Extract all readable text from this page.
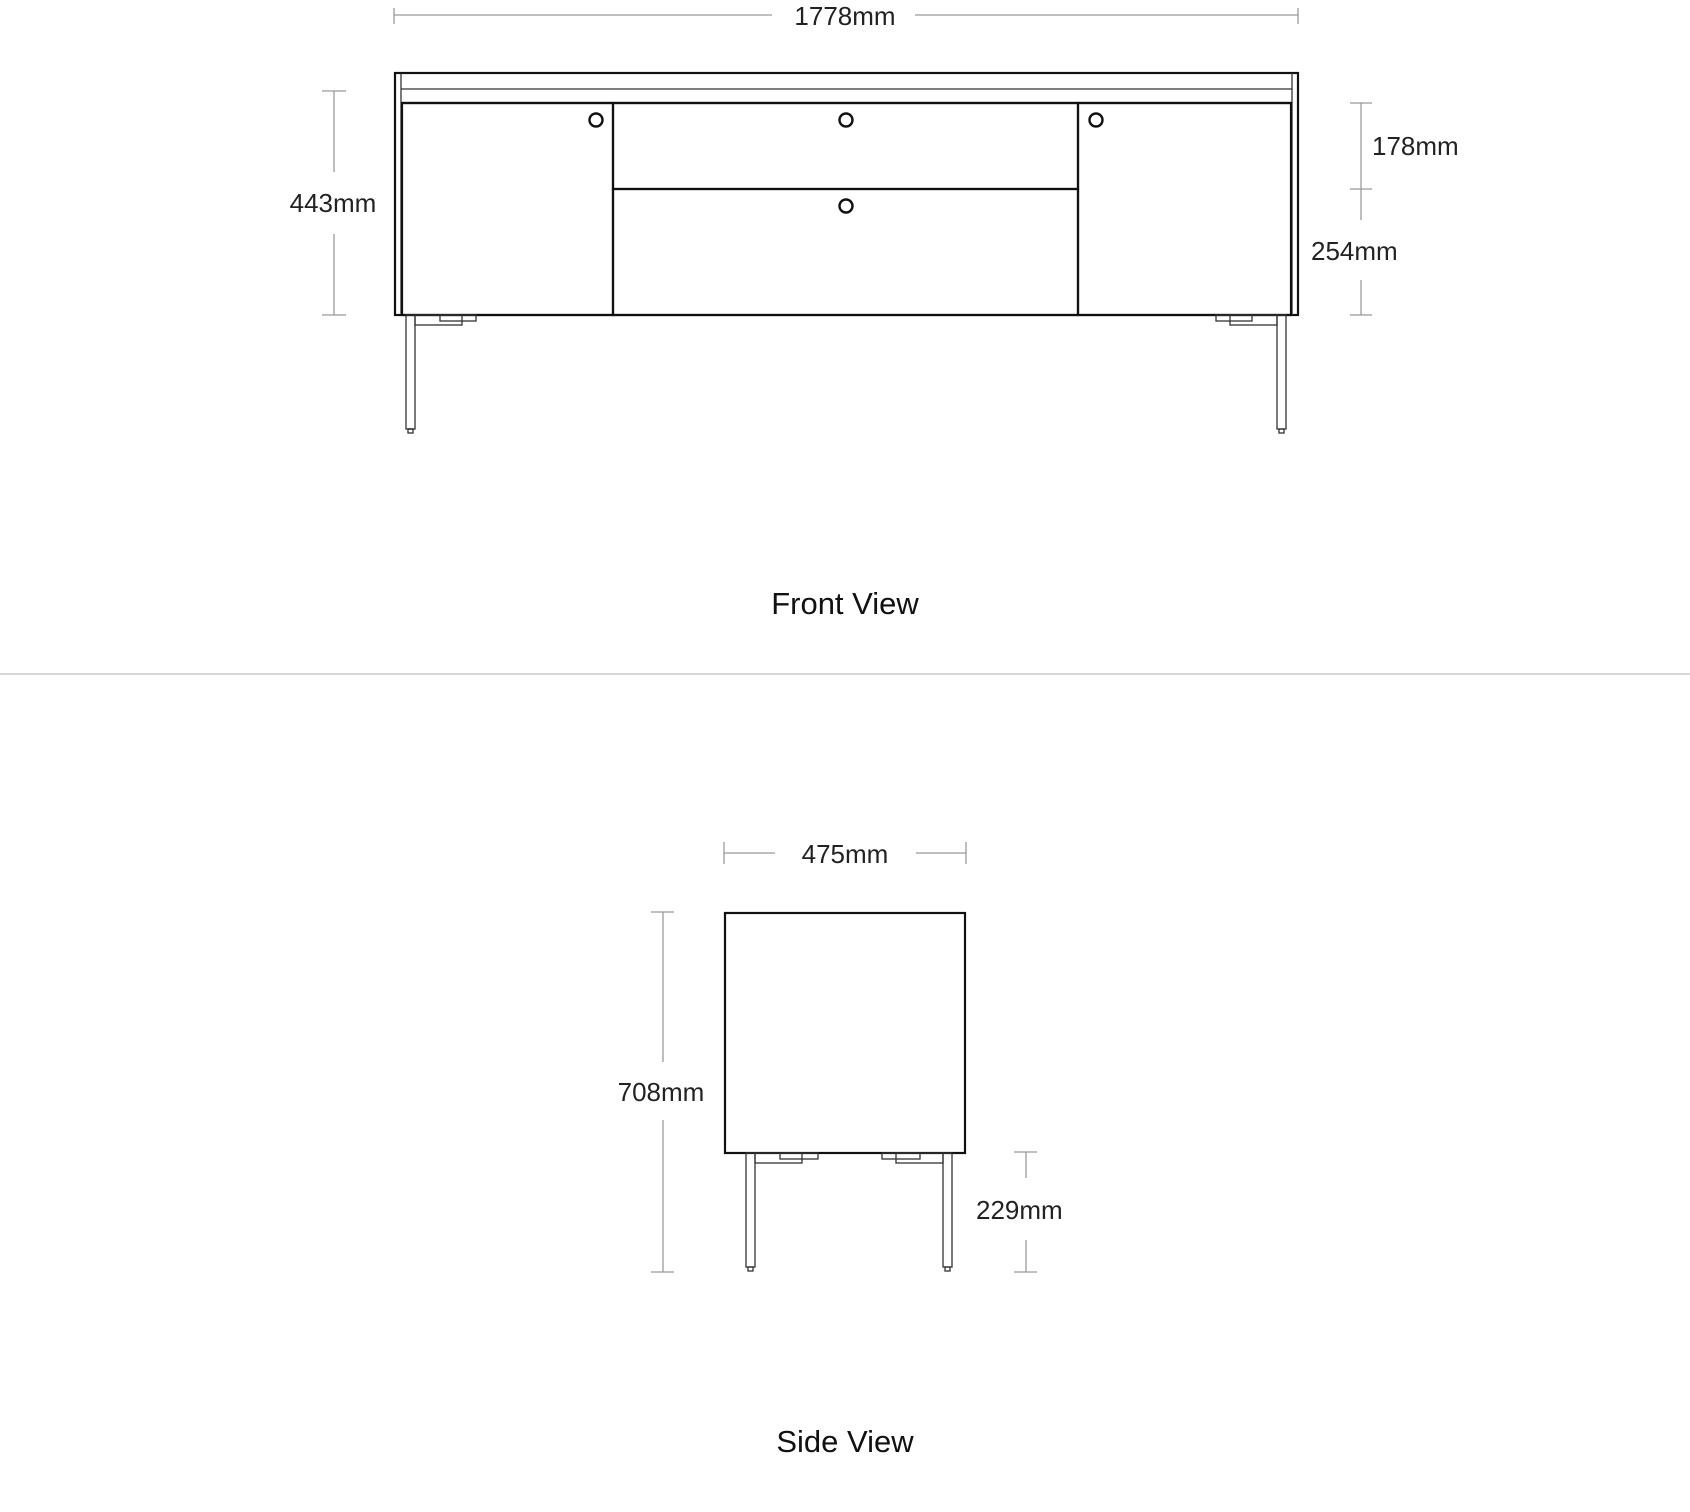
1778mm
443mm
178mm
254mm
Front View
475mm
708mm
229mm
Side View
